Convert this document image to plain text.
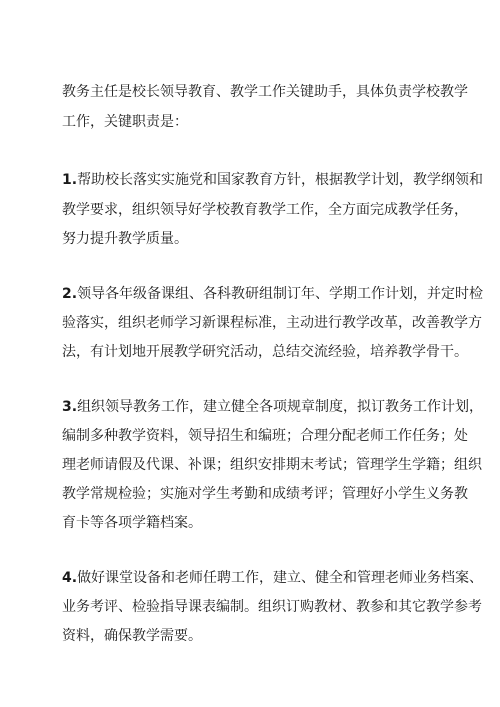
教务主任是校长领导教育、教学工作关键助手，具体负责学校教学
工作，关键职责是：
1.帮助校长落实实施党和国家教育方针，根据教学计划，教学纲领和
教学要求，组织领导好学校教育教学工作，全方面完成教学任务，
努力提升教学质量。
2.领导各年级备课组、各科教研组制订年、学期工作计划，并定时检
验落实，组织老师学习新课程标准，主动进行教学改革，改善教学方
法，有计划地开展教学研究活动，总结交流经验，培养教学骨干。
3.组织领导教务工作，建立健全各项规章制度，拟订教务工作计划，
编制多种教学资料，领导招生和编班；合理分配老师工作任务；处
理老师请假及代课、补课；组织安排期末考试；管理学生学籍；组织
教学常规检验；实施对学生考勤和成绩考评；管理好小学生义务教
育卡等各项学籍档案。
4.做好课堂设备和老师任聘工作，建立、健全和管理老师业务档案、
业务考评、检验指导课表编制。组织订购教材、教参和其它教学参考
资料，确保教学需要。
